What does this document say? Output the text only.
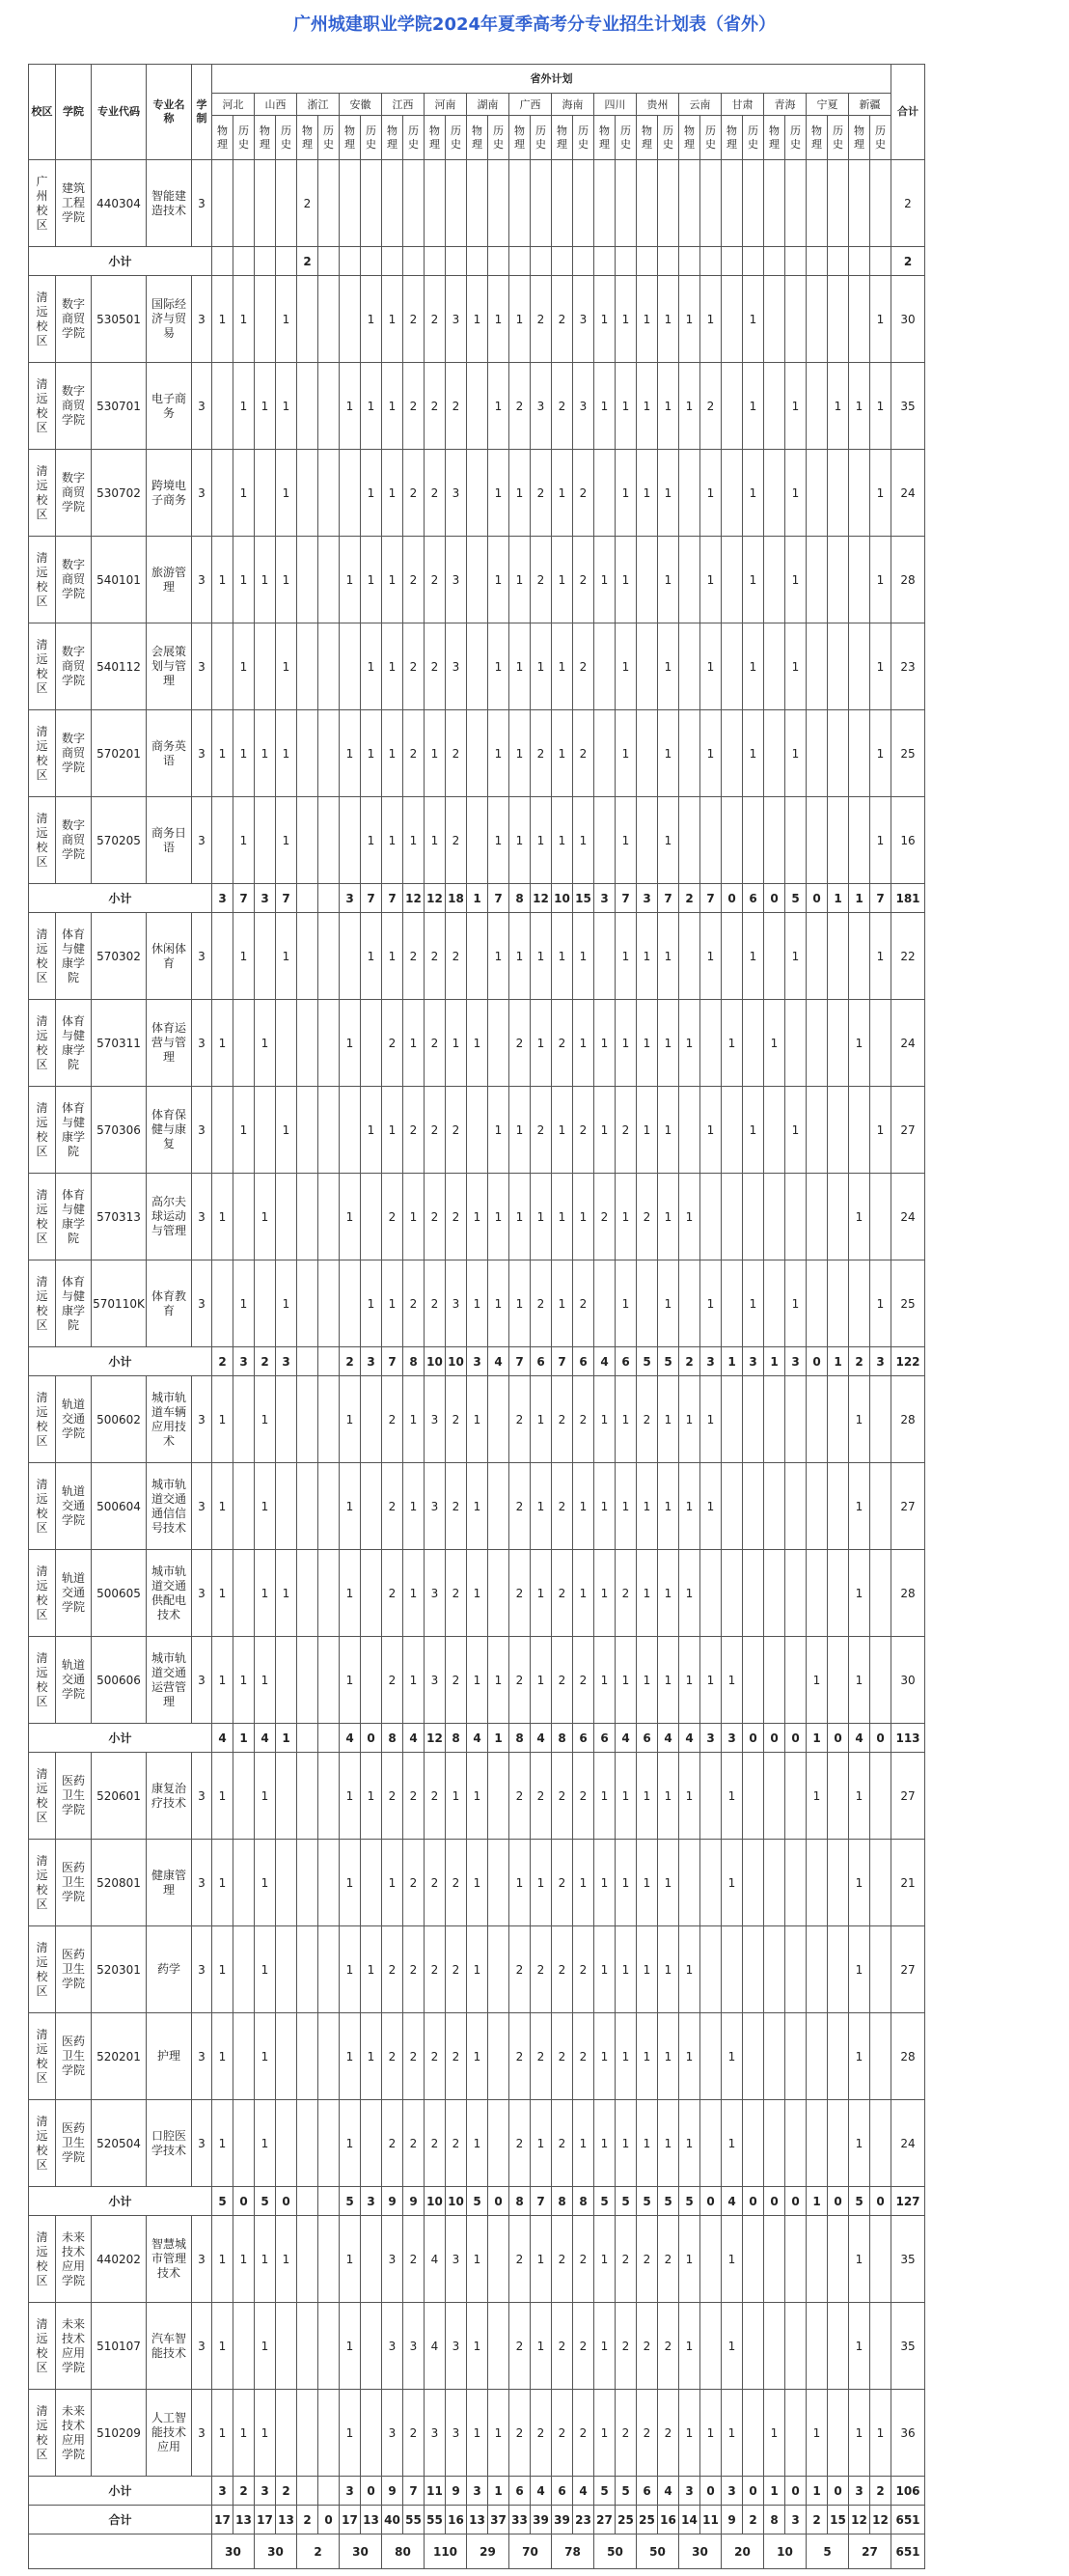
广州城建职业学院2024年夏季高考分专业招生计划表（省外）
校区	学院	专业代码	专业名称	学制	省外计划																																合计
					河北		山西		浙江		安徽		江西		河南		湖南		广西		海南		四川		贵州		云南		甘肃		青海		宁夏		新疆		
					物理	历史	物理	历史	物理	历史	物理	历史	物理	历史	物理	历史	物理	历史	物理	历史	物理	历史	物理	历史	物理	历史	物理	历史	物理	历史	物理	历史	物理	历史	物理	历史	
广州校区	建筑工程学院	440304	智能建造技术	3					2																												2
小计									2																												2
清远校区	数字商贸学院	530501	国际经济与贸易	3	1	1		1				1	1	2	2	3	1	1	1	2	2	3	1	1	1	1	1	1		1						1	30
清远校区	数字商贸学院	530701	电子商务	3		1	1	1			1	1	1	2	2	2		1	2	3	2	3	1	1	1	1	1	2		1		1		1	1	1	35
清远校区	数字商贸学院	530702	跨境电子商务	3		1		1				1	1	2	2	3		1	1	2	1	2		1	1	1		1		1		1				1	24
清远校区	数字商贸学院	540101	旅游管理	3	1	1	1	1			1	1	1	2	2	3		1	1	2	1	2	1	1		1		1		1		1				1	28
清远校区	数字商贸学院	540112	会展策划与管理	3		1		1				1	1	2	2	3		1	1	1	1	2		1		1		1		1		1				1	23
清远校区	数字商贸学院	570201	商务英语	3	1	1	1	1			1	1	1	2	1	2		1	1	2	1	2		1		1		1		1		1				1	25
清远校区	数字商贸学院	570205	商务日语	3		1		1				1	1	1	1	2		1	1	1	1	1		1		1										1	16
小计					3	7	3	7			3	7	7	12	12	18	1	7	8	12	10	15	3	7	3	7	2	7	0	6	0	5	0	1	1	7	181
清远校区	体育与健康学院	570302	休闲体育	3		1		1				1	1	2	2	2		1	1	1	1	1		1	1	1		1		1		1				1	22
清远校区	体育与健康学院	570311	体育运营与管理	3	1		1				1		2	1	2	1	1		2	1	2	1	1	1	1	1	1		1		1				1		24
清远校区	体育与健康学院	570306	体育保健与康复	3		1		1				1	1	2	2	2		1	1	2	1	2	1	2	1	1		1		1		1				1	27
清远校区	体育与健康学院	570313	高尔夫球运动与管理	3	1		1				1		2	1	2	2	1	1	1	1	1	1	2	1	2	1	1								1		24
清远校区	体育与健康学院	570110K	体育教育	3		1		1				1	1	2	2	3	1	1	1	2	1	2		1		1		1		1		1				1	25
小计					2	3	2	3			2	3	7	8	10	10	3	4	7	6	7	6	4	6	5	5	2	3	1	3	1	3	0	1	2	3	122
清远校区	轨道交通学院	500602	城市轨道车辆应用技术	3	1		1				1		2	1	3	2	1		2	1	2	2	1	1	2	1	1	1							1		28
清远校区	轨道交通学院	500604	城市轨道交通通信信号技术	3	1		1				1		2	1	3	2	1		2	1	2	1	1	1	1	1	1	1							1		27
清远校区	轨道交通学院	500605	城市轨道交通供配电技术	3	1		1	1			1		2	1	3	2	1		2	1	2	1	1	2	1	1	1								1		28
清远校区	轨道交通学院	500606	城市轨道交通运营管理	3	1	1	1				1		2	1	3	2	1	1	2	1	2	2	1	1	1	1	1	1	1				1		1		30
小计					4	1	4	1			4	0	8	4	12	8	4	1	8	4	8	6	6	4	6	4	4	3	3	0	0	0	1	0	4	0	113
清远校区	医药卫生学院	520601	康复治疗技术	3	1		1				1	1	2	2	2	1	1		2	2	2	2	1	1	1	1	1		1				1		1		27
清远校区	医药卫生学院	520801	健康管理	3	1		1				1		1	2	2	2	1		1	1	2	1	1	1	1	1			1						1		21
清远校区	医药卫生学院	520301	药学	3	1		1				1	1	2	2	2	2	1		2	2	2	2	1	1	1	1	1								1		27
清远校区	医药卫生学院	520201	护理	3	1		1				1	1	2	2	2	2	1		2	2	2	2	1	1	1	1	1		1						1		28
清远校区	医药卫生学院	520504	口腔医学技术	3	1		1				1		2	2	2	2	1		2	1	2	1	1	1	1	1	1		1						1		24
小计					5	0	5	0			5	3	9	9	10	10	5	0	8	7	8	8	5	5	5	5	5	0	4	0	0	0	1	0	5	0	127
清远校区	未来技术应用学院	440202	智慧城市管理技术	3	1	1	1	1			1		3	2	4	3	1		2	1	2	2	1	2	2	2	1		1						1		35
清远校区	未来技术应用学院	510107	汽车智能技术	3	1		1				1		3	3	4	3	1		2	1	2	2	1	2	2	2	1		1						1		35
清远校区	未来技术应用学院	510209	人工智能技术应用	3	1	1	1				1		3	2	3	3	1	1	2	2	2	2	1	2	2	2	1	1	1		1		1		1	1	36
小计					3	2	3	2			3	0	9	7	11	9	3	1	6	4	6	4	5	5	6	4	3	0	3	0	1	0	1	0	3	2	106
合计					17	13	17	13	2	0	17	13	40	55	55	16	13	37	33	39	39	23	27	25	25	16	14	11	9	2	8	3	2	15	12	12	651
					30		30		2		30		80		110		29		70		78		50		50		30		20		10		5		27		651
